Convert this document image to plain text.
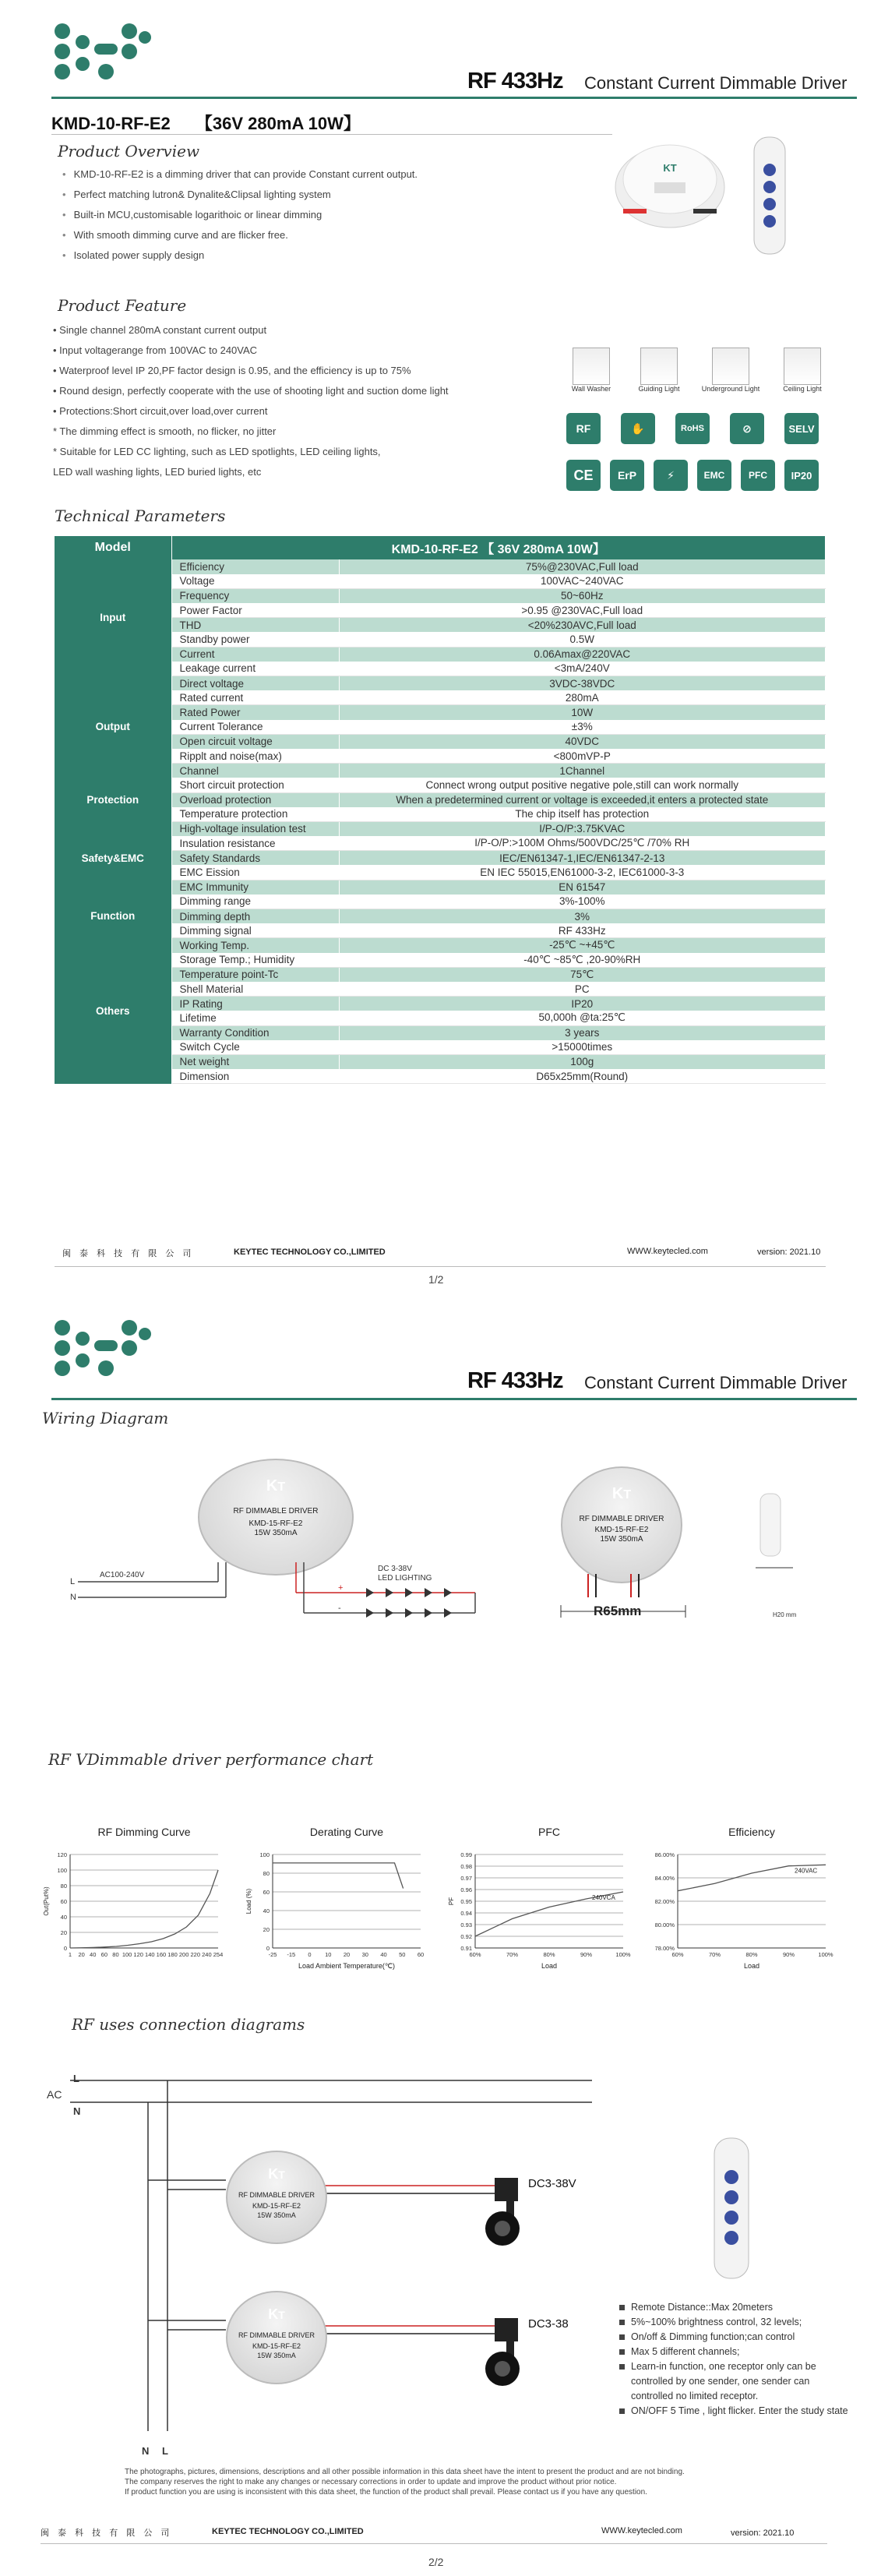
RF 433Hz Constant Current Dimmable Driver
KMD-10-RF-E2 【36V 280mA 10W】
Product Overview
• KMD-10-RF-E2 is a dimming driver that can provide Constant current output.
• Perfect matching lutron& Dynalite&Clipsal lighting system
• Built-in MCU,customisable logarithoic or linear dimming
• With smooth dimming curve and are flicker free.
• Isolated power supply design
KT
Product Feature
• Single channel 280mA constant current output
• Input voltagerange from 100VAC to 240VAC
• Waterproof level IP 20,PF factor design is 0.95, and the efficiency is up to 75%
• Round design, perfectly cooperate with the use of shooting light and suction dome light
• Protections:Short circuit,over load,over current
* The dimming effect is smooth, no flicker, no jitter
* Suitable for LED CC lighting, such as LED spotlights, LED ceiling lights,
LED wall washing lights, LED buried lights, etc
Wall Washer	Guiding Light	Underground Light	Ceiling Light
RF	✋	RoHS	⊘	SELV
CE	ErP	⚡	EMC	PFC	IP20
Technical Parameters
Model	KMD-10-RF-E2 【 36V 280mA 10W】	
Input	Efficiency	75%@230VAC,Full load
	Voltage	100VAC~240VAC
	Frequency	50~60Hz
	Power Factor	>0.95 @230VAC,Full load
	THD	<20%230AVC,Full load
	Standby power	0.5W
	Current	0.06Amax@220VAC
	Leakage current	<3mA/240V
Output	Direct voltage	3VDC-38VDC
	Rated current	280mA
	Rated Power	10W
	Current Tolerance	±3%
	Open circuit voltage	40VDC
	Ripplt and noise(max)	<800mVP-P
	Channel	1Channel
Protection	Short circuit protection	Connect wrong output positive negative pole,still can work normally
	Overload protection	When a predetermined current or voltage is exceeded,it enters a protected state
	Temperature protection	The chip itself has protection
Safety&EMC	High-voltage insulation test	I/P-O/P:3.75KVAC
	Insulation resistance	I/P-O/P:>100M Ohms/500VDC/25℃ /70% RH
	Safety Standards	IEC/EN61347-1,IEC/EN61347-2-13
	EMC Eission	EN IEC 55015,EN61000-3-2, IEC61000-3-3
	EMC Immunity	EN 61547
Function	Dimming range	3%-100%
	Dimming depth	3%
	Dimming signal	RF 433Hz
Others	Working Temp.	-25℃ ~+45℃
	Storage Temp.; Humidity	-40℃ ~85℃ ,20-90%RH
	Temperature point-Tc	75℃
	Shell Material	PC
	IP Rating	IP20
	Lifetime	50,000h @ta:25℃
	Warranty Condition	3 years
	Switch Cycle	>15000times
	Net weight	100g
	Dimension	D65x25mm(Round)
闽 泰 科 技 有 限 公 司	KEYTEC TECHNOLOGY CO.,LIMITED	WWW.keytecled.com	version: 2021.10
1/2
RF 433Hz Constant Current Dimmable Driver
Wiring Diagram
KT
RF DIMMABLE DRIVER
KMD-15-RF-E2
15W 350mA
L
N
AC100-240V
DC 3-38V
LED LIGHTING
+
-
KT
RF DIMMABLE DRIVER
KMD-15-RF-E2
15W 350mA
R65mm	H20 mm
RF VDimmable driver performance chart
RF Dimming Curve
0
20
40
60
80
100
120
1 20 40 60 80 100 120 140 160 180 200 220 240 254
Out(Put%)
Derating Curve
0
20
40
60
80
100
-25 -15 0 10 20 30 40 50 60
Load Ambient Temperature(℃)
Load (%)
PFC
0.91
0.92
0.93
0.94
0.95
0.96
0.97
0.98
0.99
60%	70%	80%	90%	100%
Load
PF	240VCA
Efficiency
78.00%
80.00%
82.00%
84.00%
86.00%
60%	70%	80%	90%	100%
Load
240VAC
RF uses connection diagrams
L
AC
N
N L
KT
RF DIMMABLE DRIVER
KMD-15-RF-E2
15W 350mA
KT
RF DIMMABLE DRIVER
KMD-15-RF-E2
15W 350mA
DC3-38V
DC3-38
Remote Distance::Max 20meters
5%~100% brightness control, 32 levels;
On/off & Dimming function;can control
Max 5 different channels;
Learn-in function, one receptor only can be
controlled by one sender, one sender can
controlled no limited receptor.
ON/OFF 5 Time , light flicker. Enter the study state
The photographs, pictures, dimensions, descriptions and all other possible information in this data sheet have the intent to present the product and are not binding.
The company reserves the right to make any changes or necessary corrections in order to update and improve the product without prior notice.
If product function you are using is inconsistent with this data sheet, the function of the product shall prevail. Please contact us if you have any question.
闽 泰 科 技 有 限 公 司	KEYTEC TECHNOLOGY CO.,LIMITED	WWW.keytecled.com	version: 2021.10
2/2
